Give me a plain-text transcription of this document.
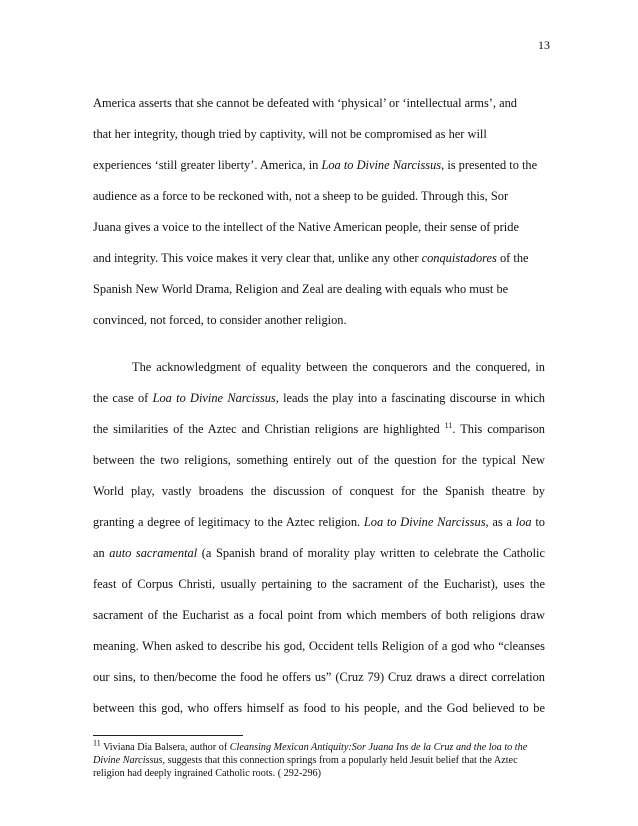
13
America asserts that she cannot be defeated with ‘physical’ or ‘intellectual arms’, and
that her integrity, though tried by captivity, will not be compromised as her will
experiences ‘still greater liberty’. America, in Loa to Divine Narcissus, is presented to the
audience as a force to be reckoned with, not a sheep to be guided. Through this, Sor
Juana gives a voice to the intellect of the Native American people, their sense of pride
and integrity. This voice makes it very clear that, unlike any other conquistadores of the
Spanish New World Drama, Religion and Zeal are dealing with equals who must be
convinced, not forced, to consider another religion.
The acknowledgment of equality between the conquerors and the conquered, in
the case of Loa to Divine Narcissus, leads the play into a fascinating discourse in which
the similarities of the Aztec and Christian religions are highlighted $^{11}$. This comparison
between the two religions, something entirely out of the question for the typical New
World play, vastly broadens the discussion of conquest for the Spanish theatre by
granting a degree of legitimacy to the Aztec religion. Loa to Divine Narcissus, as a loa to
an auto sacramental (a Spanish brand of morality play written to celebrate the Catholic
feast of Corpus Christi, usually pertaining to the sacrament of the Eucharist), uses the
sacrament of the Eucharist as a focal point from which members of both religions draw
meaning. When asked to describe his god, Occident tells Religion of a god who “cleanses
our sins, to then/become the food he offers us” (Cruz 79) Cruz draws a direct correlation
between this god, who offers himself as food to his people, and the God believed to be
$^{11}$ Viviana Dia Balsera, author of Cleansing Mexican Antiquity:Sor Juana Ins de la Cruz and the loa to the
Divine Narcissus, suggests that this connection springs from a popularly held Jesuit belief that the Aztec
religion had deeply ingrained Catholic roots. ( 292-296)
